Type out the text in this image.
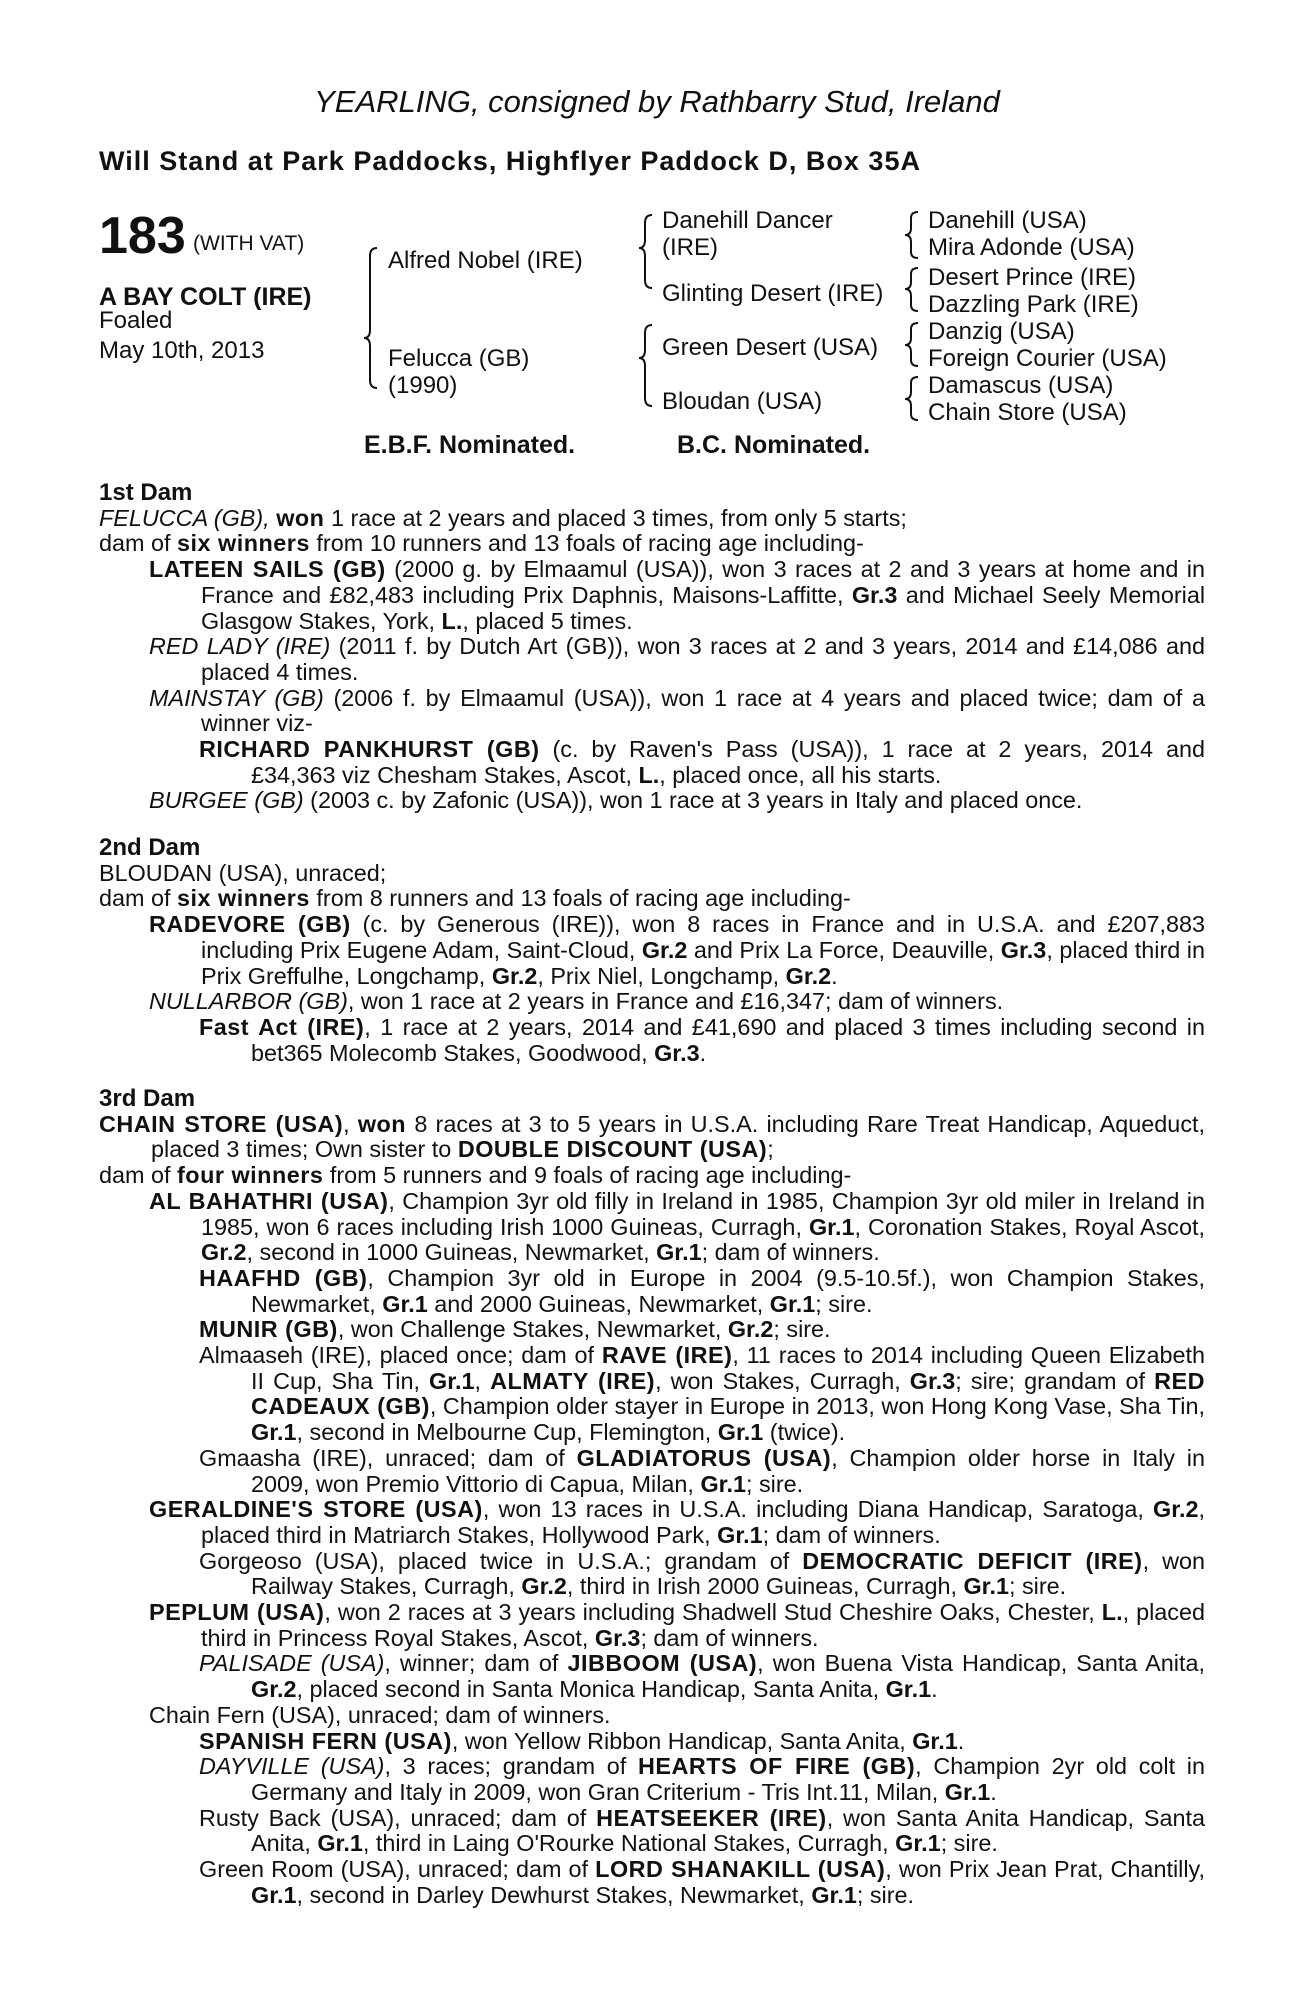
YEARLING, consigned by Rathbarry Stud, Ireland
Will Stand at Park Paddocks, Highflyer Paddock D, Box 35A
183 (WITH VAT)
A BAY COLT (IRE)
Foaled
May 10th, 2013
Alfred Nobel (IRE)
Felucca (GB)
(1990)
Danehill Dancer
(IRE)
Glinting Desert (IRE)
Green Desert (USA)
Bloudan (USA)
Danehill (USA)
Mira Adonde (USA)
Desert Prince (IRE)
Dazzling Park (IRE)
Danzig (USA)
Foreign Courier (USA)
Damascus (USA)
Chain Store (USA)
E.B.F. Nominated.	B.C. Nominated.

1st Dam

FELUCCA (GB), won 1 race at 2 years and placed 3 times, from only 5 starts;

dam of six winners from 10 runners and 13 foals of racing age including-

LATEEN SAILS (GB) (2000 g. by Elmaamul (USA)), won 3 races at 2 and 3 years at home and in France and £82,483 including Prix Daphnis, Maisons-Laffitte, Gr.3 and Michael Seely Memorial Glasgow Stakes, York, L., placed 5 times.

RED LADY (IRE) (2011 f. by Dutch Art (GB)), won 3 races at 2 and 3 years, 2014 and £14,086 and placed 4 times.

MAINSTAY (GB) (2006 f. by Elmaamul (USA)), won 1 race at 4 years and placed twice; dam of a winner viz-

RICHARD PANKHURST (GB) (c. by Raven's Pass (USA)), 1 race at 2 years, 2014 and £34,363 viz Chesham Stakes, Ascot, L., placed once, all his starts.

BURGEE (GB) (2003 c. by Zafonic (USA)), won 1 race at 3 years in Italy and placed once.

2nd Dam

BLOUDAN (USA), unraced;

dam of six winners from 8 runners and 13 foals of racing age including-

RADEVORE (GB) (c. by Generous (IRE)), won 8 races in France and in U.S.A. and £207,883 including Prix Eugene Adam, Saint-Cloud, Gr.2 and Prix La Force, Deauville, Gr.3, placed third in Prix Greffulhe, Longchamp, Gr.2, Prix Niel, Longchamp, Gr.2.

NULLARBOR (GB), won 1 race at 2 years in France and £16,347; dam of winners.

Fast Act (IRE), 1 race at 2 years, 2014 and £41,690 and placed 3 times including second in bet365 Molecomb Stakes, Goodwood, Gr.3.

3rd Dam

CHAIN STORE (USA), won 8 races at 3 to 5 years in U.S.A. including Rare Treat Handicap, Aqueduct, placed 3 times; Own sister to DOUBLE DISCOUNT (USA);

dam of four winners from 5 runners and 9 foals of racing age including-

AL BAHATHRI (USA), Champion 3yr old filly in Ireland in 1985, Champion 3yr old miler in Ireland in 1985, won 6 races including Irish 1000 Guineas, Curragh, Gr.1, Coronation Stakes, Royal Ascot, Gr.2, second in 1000 Guineas, Newmarket, Gr.1; dam of winners.

HAAFHD (GB), Champion 3yr old in Europe in 2004 (9.5-10.5f.), won Champion Stakes, Newmarket, Gr.1 and 2000 Guineas, Newmarket, Gr.1; sire.

MUNIR (GB), won Challenge Stakes, Newmarket, Gr.2; sire.

Almaaseh (IRE), placed once; dam of RAVE (IRE), 11 races to 2014 including Queen Elizabeth II Cup, Sha Tin, Gr.1, ALMATY (IRE), won Stakes, Curragh, Gr.3; sire; grandam of RED CADEAUX (GB), Champion older stayer in Europe in 2013, won Hong Kong Vase, Sha Tin, Gr.1, second in Melbourne Cup, Flemington, Gr.1 (twice).

Gmaasha (IRE), unraced; dam of GLADIATORUS (USA), Champion older horse in Italy in 2009, won Premio Vittorio di Capua, Milan, Gr.1; sire.

GERALDINE'S STORE (USA), won 13 races in U.S.A. including Diana Handicap, Saratoga, Gr.2, placed third in Matriarch Stakes, Hollywood Park, Gr.1; dam of winners.

Gorgeoso (USA), placed twice in U.S.A.; grandam of DEMOCRATIC DEFICIT (IRE), won Railway Stakes, Curragh, Gr.2, third in Irish 2000 Guineas, Curragh, Gr.1; sire.

PEPLUM (USA), won 2 races at 3 years including Shadwell Stud Cheshire Oaks, Chester, L., placed third in Princess Royal Stakes, Ascot, Gr.3; dam of winners.

PALISADE (USA), winner; dam of JIBBOOM (USA), won Buena Vista Handicap, Santa Anita, Gr.2, placed second in Santa Monica Handicap, Santa Anita, Gr.1.

Chain Fern (USA), unraced; dam of winners.

SPANISH FERN (USA), won Yellow Ribbon Handicap, Santa Anita, Gr.1.

DAYVILLE (USA), 3 races; grandam of HEARTS OF FIRE (GB), Champion 2yr old colt in Germany and Italy in 2009, won Gran Criterium - Tris Int.11, Milan, Gr.1.

Rusty Back (USA), unraced; dam of HEATSEEKER (IRE), won Santa Anita Handicap, Santa Anita, Gr.1, third in Laing O'Rourke National Stakes, Curragh, Gr.1; sire.

Green Room (USA), unraced; dam of LORD SHANAKILL (USA), won Prix Jean Prat, Chantilly, Gr.1, second in Darley Dewhurst Stakes, Newmarket, Gr.1; sire.
